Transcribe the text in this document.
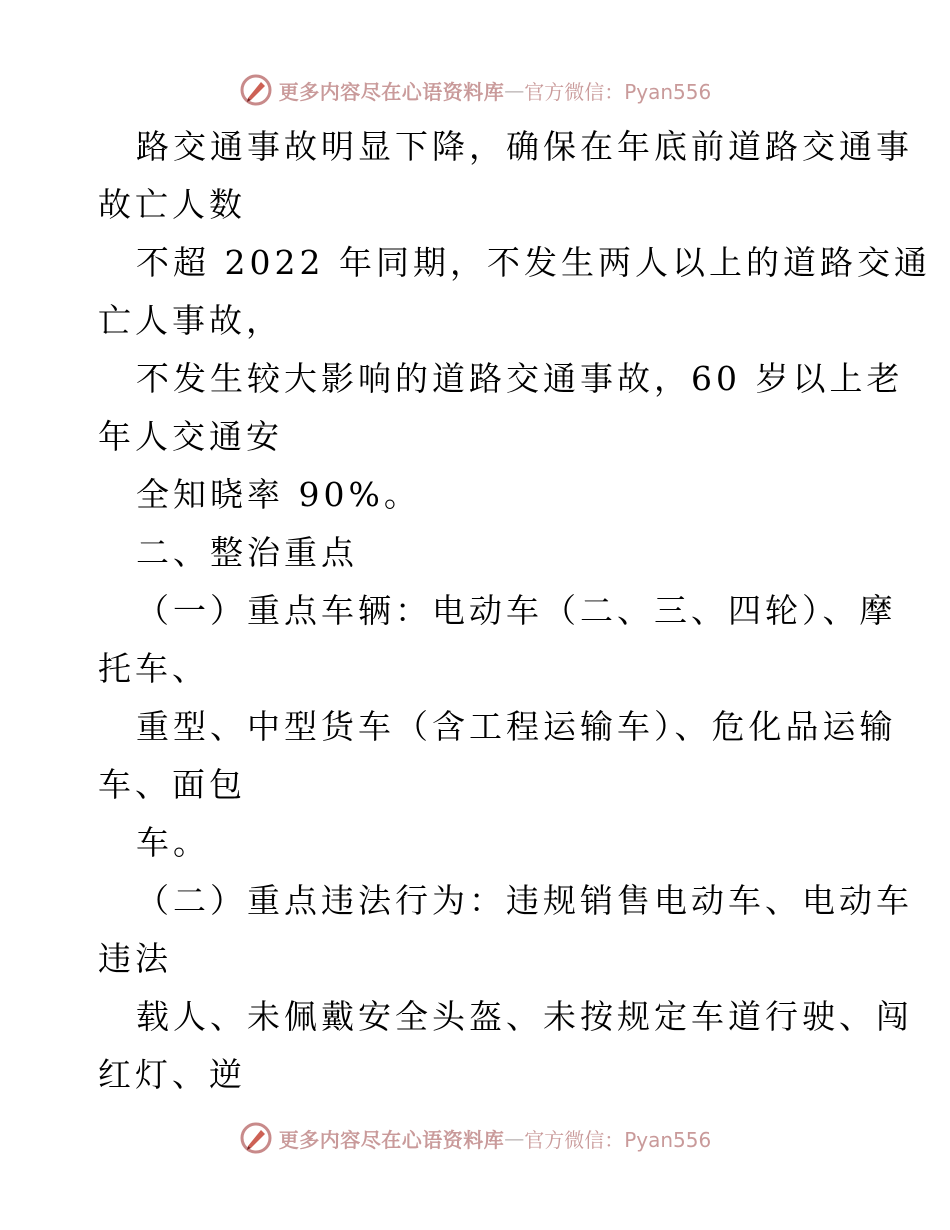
更多内容尽在心语资料库 — 官方微信：Pyan556
路交通事故明显下降，确保在年底前道路交通事
故亡人数
不超 2022 年同期，不发生两人以上的道路交通
亡人事故，
不发生较大影响的道路交通事故，60 岁以上老
年人交通安
全知晓率 90%。
二、整治重点
（一）重点车辆：电动车（二、三、四轮）、摩
托车、
重型、中型货车（含工程运输车）、危化品运输
车、面包
车。
（二）重点违法行为：违规销售电动车、电动车
违法
载人、未佩戴安全头盔、未按规定车道行驶、闯
红灯、逆
更多内容尽在心语资料库 — 官方微信：Pyan556
